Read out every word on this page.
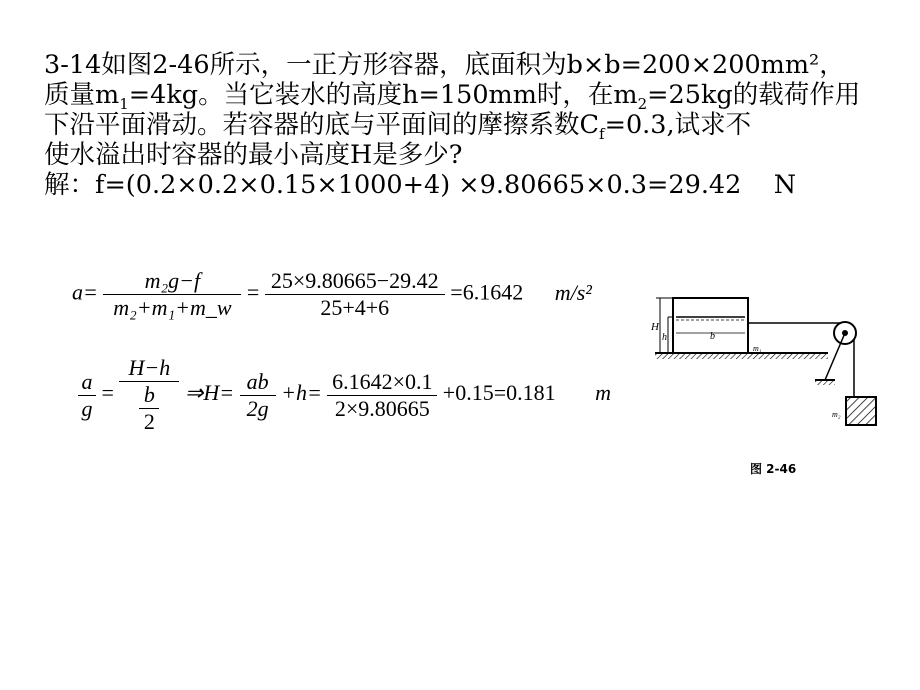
3-14如图2-46所示，一正方形容器，底面积为b×b=200×200mm²，
质量$m_1=4kg$。当它装水的高度h=150mm时，在$m_2=25kg$的载荷作用
下沿平面滑动。若容器的底与平面间的摩擦系数$C_f=0.3$,试求不
使水溢出时容器的最小高度H是多少?
解：f=(0.2×0.2×0.15×1000+4) ×9.80665×0.3=29.42    N
$a= \frac{\text{m₂g−f}}{\text{m₂+m₁+m\_w}} = \frac{25\times 9.80665-29.42}{25+4+6} =6.1642$ m/s²
$\frac{a}{g} = \frac{H-h}{\frac{b}{2}}$ ⇒H= $\frac{ab}{2g} +h= \frac{6.1642\times 0.1}{2\times 9.80665} +0.15=0.181$ m
H
h	b
m₁
m₂
图 2-46
